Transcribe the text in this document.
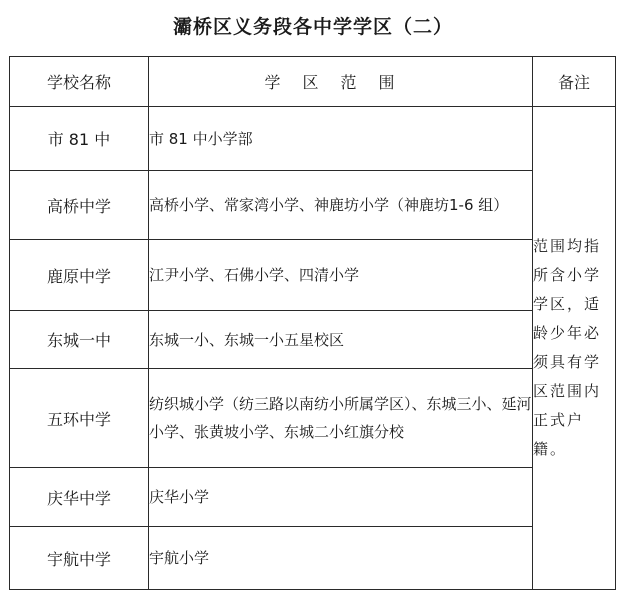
灞桥区义务段各中学学区（二）
学校名称	学区范围	备注
市 81 中	市 81 中小学部	范围均指所含小学学区，适龄少年必须具有学区范围内正式户籍。
高桥中学	高桥小学、常家湾小学、神鹿坊小学（神鹿坊1-6 组）	
鹿原中学	江尹小学、石佛小学、四清小学	
东城一中	东城一小、东城一小五星校区	
五环中学	纺织城小学（纺三路以南纺小所属学区）、东城三小、延河小学、张黄坡小学、东城二小红旗分校	
庆华中学	庆华小学	
宇航中学	宇航小学	
